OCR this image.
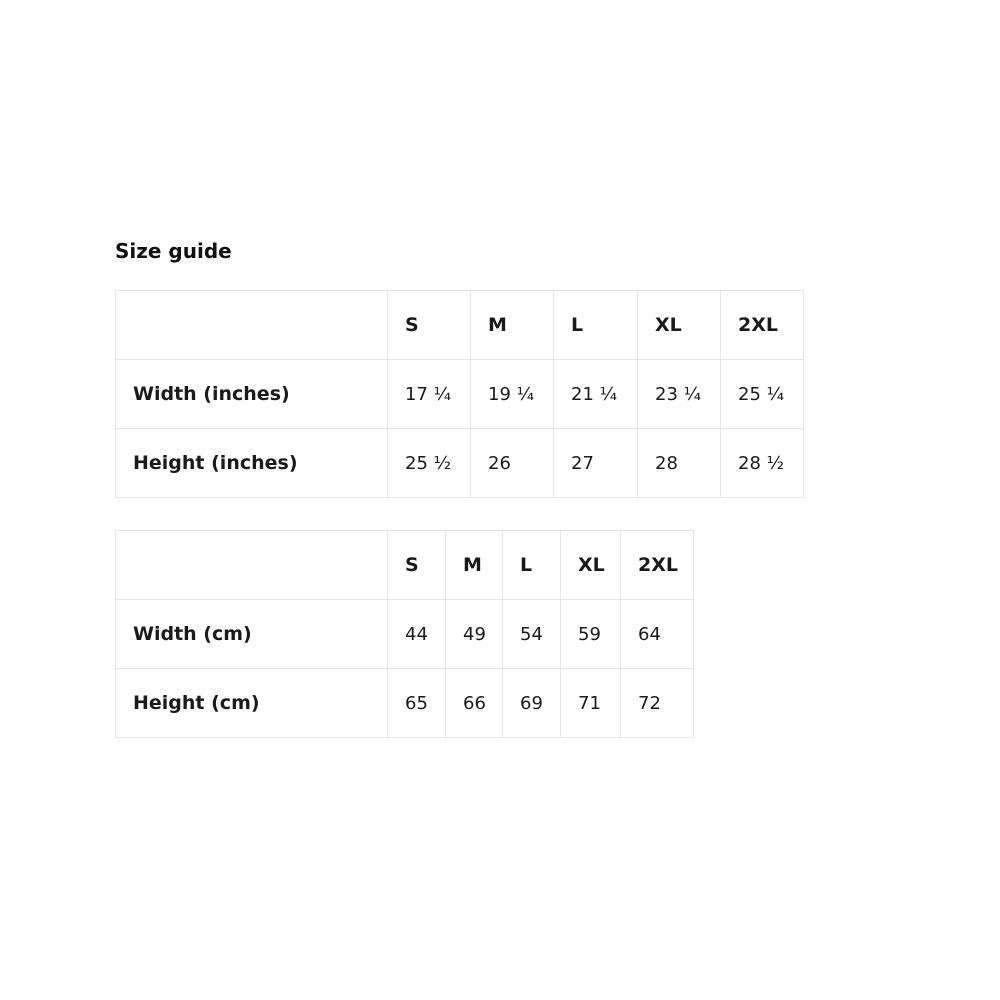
Size guide
	S	M	L	XL	2XL
Width (inches)	17 ¼	19 ¼	21 ¼	23 ¼	25 ¼
Height (inches)	25 ½	26	27	28	28 ½
	S	M	L	XL	2XL
Width (cm)	44	49	54	59	64
Height (cm)	65	66	69	71	72
